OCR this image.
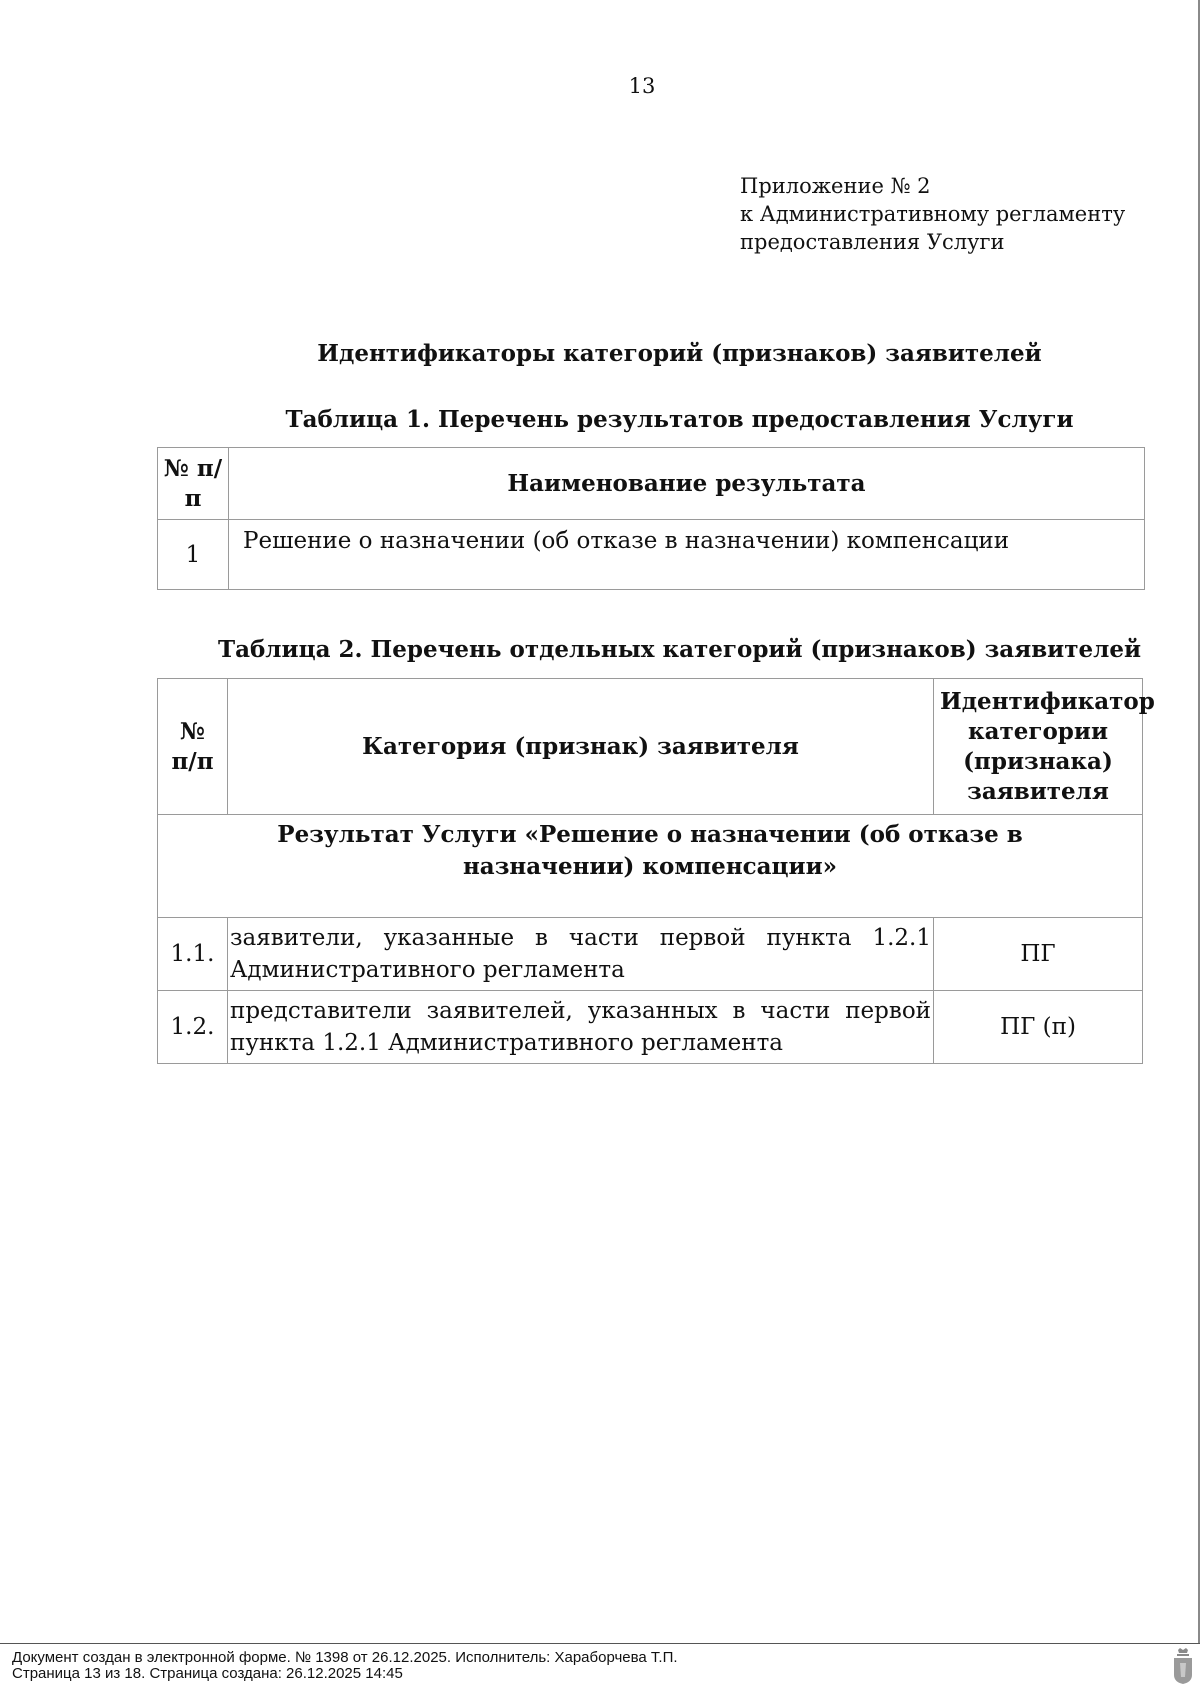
13
Приложение № 2
к Административному регламенту
предоставления Услуги
Идентификаторы категорий (признаков) заявителей
Таблица 1. Перечень результатов предоставления Услуги
№ п/п	Наименование результата
1	Решение о назначении (об отказе в назначении) компенсации
Таблица 2. Перечень отдельных категорий (признаков) заявителей
№ п/п	Категория (признак) заявителя	Идентификатор категории (признака) заявителя
Результат Услуги «Решение о назначении (об отказе в назначении) компенсации»		
1.1.	заявители, указанные в части первой пункта 1.2.1 Административного регламента	ПГ
1.2.	представители заявителей, указанных в части первой пункта 1.2.1 Административного регламента	ПГ (п)
Документ создан в электронной форме. № 1398 от 26.12.2025. Исполнитель: Хараборчева Т.П.
Страница 13 из 18. Страница создана: 26.12.2025 14:45
